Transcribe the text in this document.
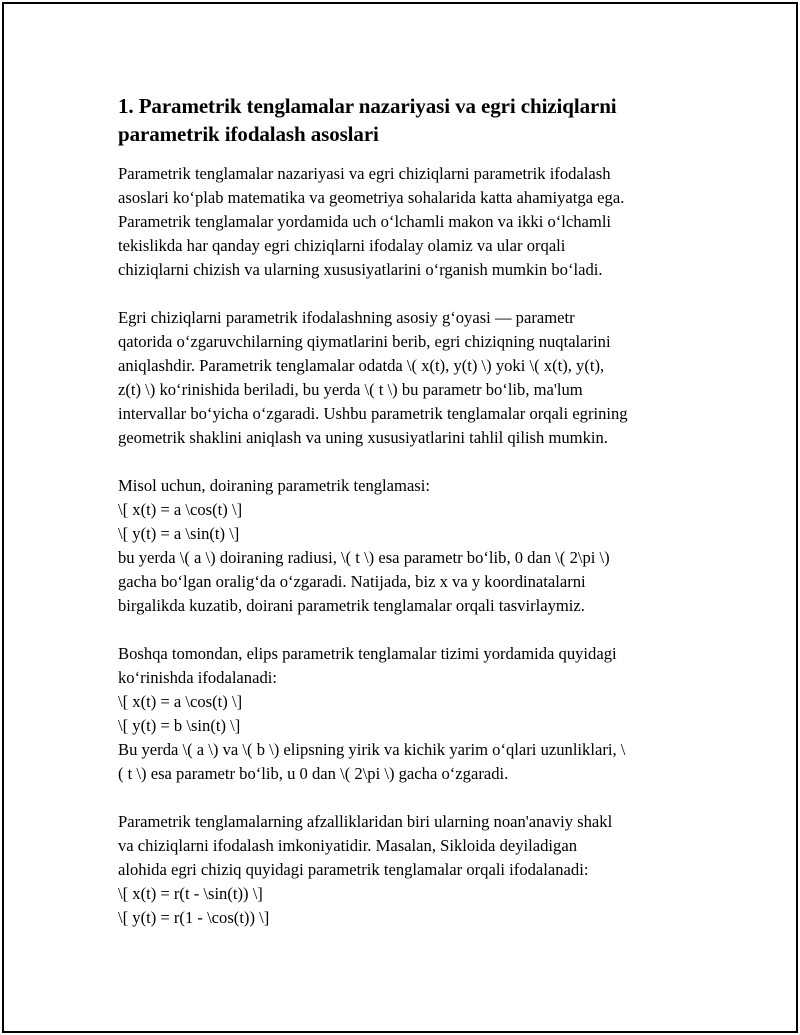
1. Parametrik tenglamalar nazariyasi va egri chiziqlarni
parametrik ifodalash asoslari

Parametrik tenglamalar nazariyasi va egri chiziqlarni parametrik ifodalash
asoslari koʻplab matematika va geometriya sohalarida katta ahamiyatga ega.
Parametrik tenglamalar yordamida uch oʻlchamli makon va ikki oʻlchamli
tekislikda har qanday egri chiziqlarni ifodalay olamiz va ular orqali
chiziqlarni chizish va ularning xususiyatlarini oʻrganish mumkin boʻladi.

Egri chiziqlarni parametrik ifodalashning asosiy gʻoyasi — parametr
qatorida oʻzgaruvchilarning qiymatlarini berib, egri chiziqning nuqtalarini
aniqlashdir. Parametrik tenglamalar odatda \( x(t), y(t) \) yoki \( x(t), y(t),
z(t) \) koʻrinishida beriladi, bu yerda \( t \) bu parametr boʻlib, ma'lum
intervallar boʻyicha oʻzgaradi. Ushbu parametrik tenglamalar orqali egrining
geometrik shaklini aniqlash va uning xususiyatlarini tahlil qilish mumkin.

Misol uchun, doiraning parametrik tenglamasi:
\[ x(t) = a \cos(t) \]
\[ y(t) = a \sin(t) \]
bu yerda \( a \) doiraning radiusi, \( t \) esa parametr boʻlib, 0 dan \( 2\pi \)
gacha boʻlgan oraligʻda oʻzgaradi. Natijada, biz x va y koordinatalarni
birgalikda kuzatib, doirani parametrik tenglamalar orqali tasvirlaymiz.

Boshqa tomondan, elips parametrik tenglamalar tizimi yordamida quyidagi
koʻrinishda ifodalanadi:
\[ x(t) = a \cos(t) \]
\[ y(t) = b \sin(t) \]
Bu yerda \( a \) va \( b \) elipsning yirik va kichik yarim oʻqlari uzunliklari, \
( t \) esa parametr boʻlib, u 0 dan \( 2\pi \) gacha oʻzgaradi.

Parametrik tenglamalarning afzalliklaridan biri ularning noan'anaviy shakl
va chiziqlarni ifodalash imkoniyatidir. Masalan, Sikloida deyiladigan
alohida egri chiziq quyidagi parametrik tenglamalar orqali ifodalanadi:
\[ x(t) = r(t - \sin(t)) \]
\[ y(t) = r(1 - \cos(t)) \]
